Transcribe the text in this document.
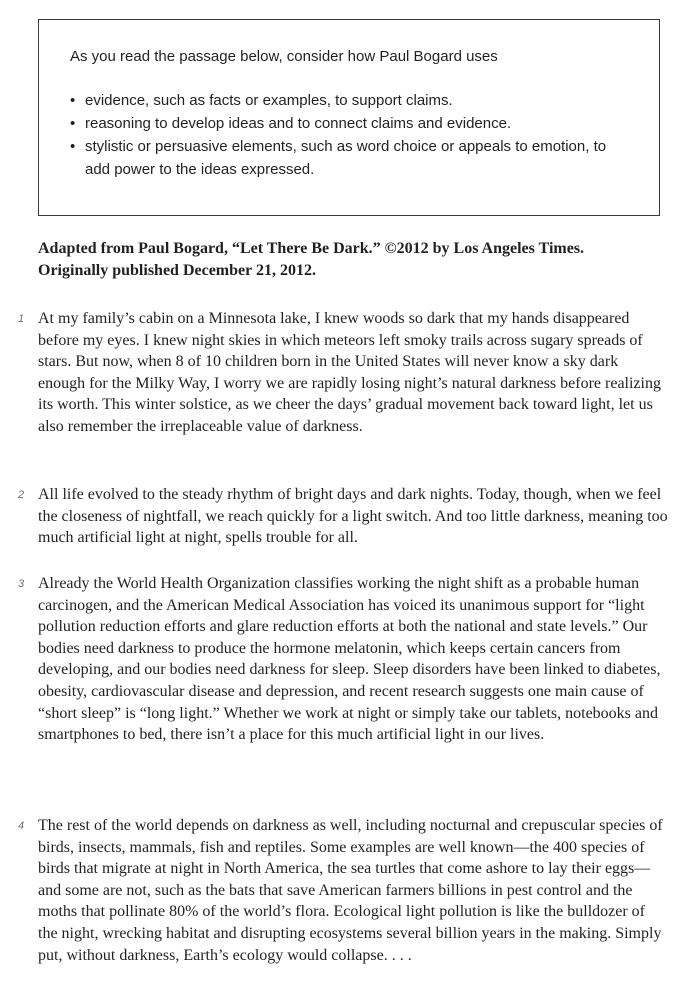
As you read the passage below, consider how Paul Bogard uses

• evidence, such as facts or examples, to support claims.
• reasoning to develop ideas and to connect claims and evidence.
• stylistic or persuasive elements, such as word choice or appeals to emotion, to add power to the ideas expressed.

Adapted from Paul Bogard, “Let There Be Dark.” ©2012 by Los Angeles Times.
Originally published December 21, 2012.

1 At my family’s cabin on a Minnesota lake, I knew woods so dark that my hands disappeared before my eyes. I knew night skies in which meteors left smoky trails across sugary spreads of stars. But now, when 8 of 10 children born in the United States will never know a sky dark enough for the Milky Way, I worry we are rapidly losing night’s natural darkness before realizing its worth. This winter solstice, as we cheer the days’ gradual movement back toward light, let us also remember the irreplaceable value of darkness.
2 All life evolved to the steady rhythm of bright days and dark nights. Today, though, when we feel the closeness of nightfall, we reach quickly for a light switch. And too little darkness, meaning too much artificial light at night, spells trouble for all.
3 Already the World Health Organization classifies working the night shift as a probable human carcinogen, and the American Medical Association has voiced its unanimous support for “light pollution reduction efforts and glare reduction efforts at both the national and state levels.” Our bodies need darkness to produce the hormone melatonin, which keeps certain cancers from developing, and our bodies need darkness for sleep. Sleep disorders have been linked to diabetes, obesity, cardiovascular disease and depression, and recent research suggests one main cause of “short sleep” is “long light.” Whether we work at night or simply take our tablets, notebooks and smartphones to bed, there isn’t a place for this much artificial light in our lives.
4 The rest of the world depends on darkness as well, including nocturnal and crepuscular species of birds, insects, mammals, fish and reptiles. Some examples are well known—the 400 species of birds that migrate at night in North America, the sea turtles that come ashore to lay their eggs—and some are not, such as the bats that save American farmers billions in pest control and the moths that pollinate 80% of the world’s flora. Ecological light pollution is like the bulldozer of the night, wrecking habitat and disrupting ecosystems several billion years in the making. Simply put, without darkness, Earth’s ecology would collapse. . . .
